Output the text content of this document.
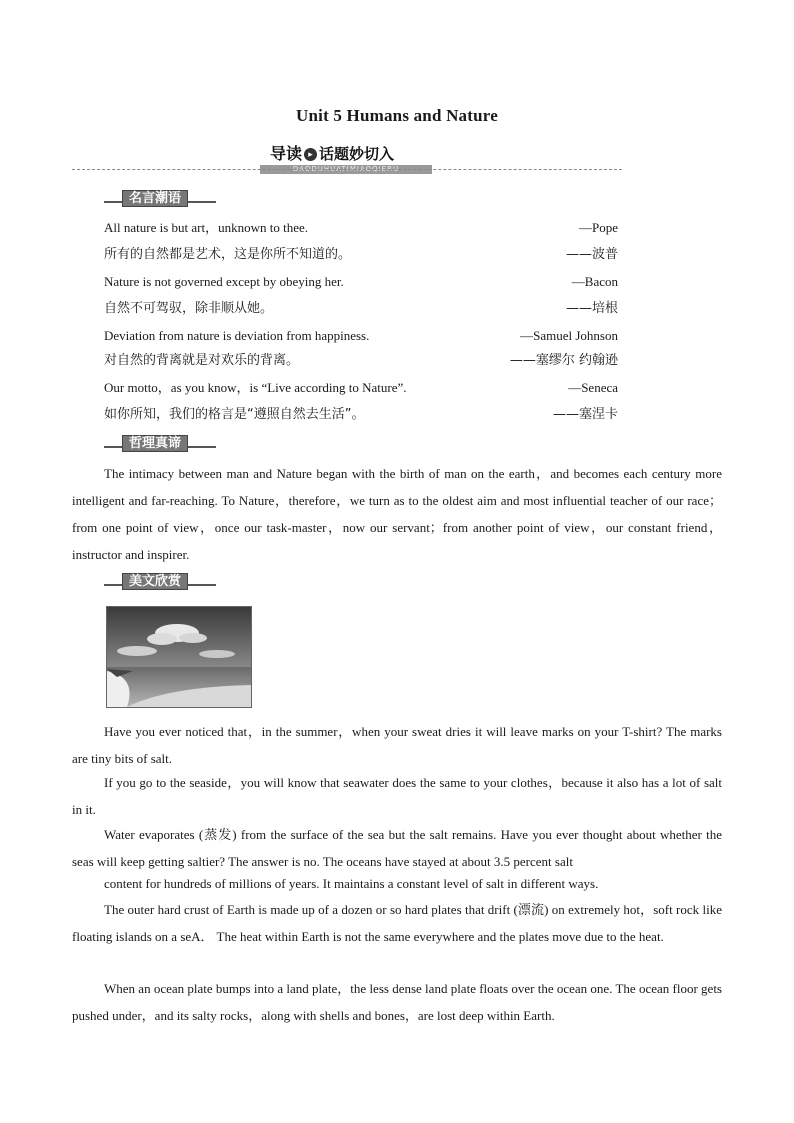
Unit 5 Humans and Nature
导读 ▸ 话题妙切入
DAODUHUATIMIAOQIERU
名言潮语
All nature is but art，unknown to thee.	—Pope
所有的自然都是艺术，这是你所不知道的。	——波普
Nature is not governed except by obeying her.	—Bacon
自然不可驾驭，除非顺从她。	——培根
Deviation from nature is deviation from happiness.	—Samuel Johnson
对自然的背离就是对欢乐的背离。	——塞缪尔 约翰逊
Our motto，as you know，is “Live according to Nature”.	—Seneca
如你所知，我们的格言是“遵照自然去生活”。	——塞涅卡
哲理真谛

The intimacy between man and Nature began with the birth of man on the earth，and becomes each century more intelligent and far-reaching. To Nature，therefore，we turn as to the oldest aim and most influential teacher of our race；from one point of view，once our task-master，now our servant；from another point of view，our constant friend，instructor and inspirer.

美文欣赏

Have you ever noticed that，in the summer，when your sweat dries it will leave marks on your T-shirt? The marks are tiny bits of salt.

If you go to the seaside，you will know that seawater does the same to your clothes，because it also has a lot of salt in it.

Water evaporates (蒸发) from the surface of the sea but the salt remains. Have you ever thought about whether the seas will keep getting saltier? The answer is no. The oceans have stayed at about 3.5 percent salt

content for hundreds of millions of years. It maintains a constant level of salt in different ways.

The outer hard crust of Earth is made up of a dozen or so hard plates that drift (漂流) on extremely hot，soft rock like floating islands on a seA． The heat within Earth is not the same everywhere and the plates move due to the heat.

When an ocean plate bumps into a land plate，the less dense land plate floats over the ocean one. The ocean floor gets pushed under，and its salty rocks，along with shells and bones，are lost deep within Earth.
